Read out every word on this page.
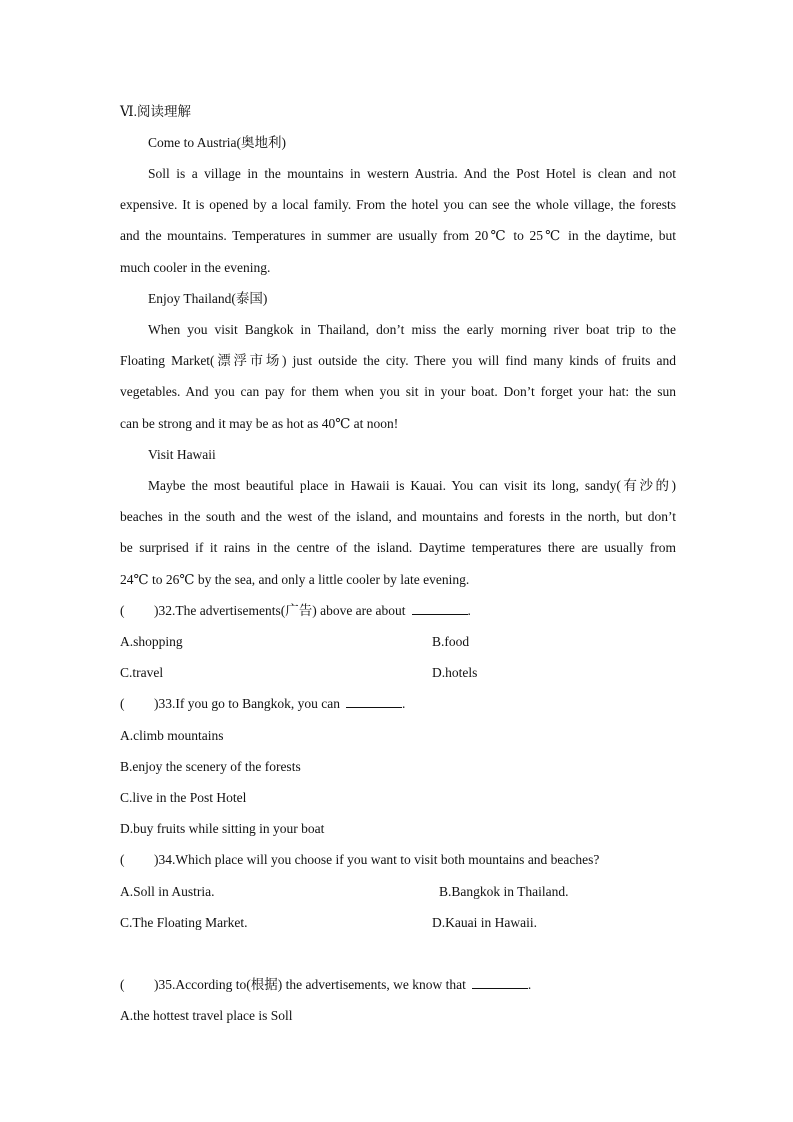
Ⅵ.阅读理解
Come to Austria(奥地利)
Soll is a village in the mountains in western Austria. And the Post Hotel is clean and not
expensive. It is opened by a local family. From the hotel you can see the whole village, the forests
and the mountains. Temperatures in summer are usually from 20℃ to 25℃ in the daytime, but
much cooler in the evening.
Enjoy Thailand(泰国)
When you visit Bangkok in Thailand, don’t miss the early morning river boat trip to the
Floating Market(漂浮市场) just outside the city. There you will find many kinds of fruits and
vegetables. And you can pay for them when you sit in your boat. Don’t forget your hat: the sun
can be strong and it may be as hot as 40℃ at noon!
Visit Hawaii
Maybe the most beautiful place in Hawaii is Kauai. You can visit its long, sandy(有沙的)
beaches in the south and the west of the island, and mountains and forests in the north, but don’t
be surprised if it rains in the centre of the island. Daytime temperatures there are usually from
24℃ to 26℃ by the sea, and only a little cooler by late evening.
( )32.The advertisements(广告) above are about	.
A.shopping	B.food
C.travel	D.hotels
( )33.If you go to Bangkok, you can	.
A.climb mountains
B.enjoy the scenery of the forests
C.live in the Post Hotel
D.buy fruits while sitting in your boat
( )34.Which place will you choose if you want to visit both mountains and beaches?
A.Soll in Austria.	B.Bangkok in Thailand.
C.The Floating Market.	D.Kauai in Hawaii.
( )35.According to(根据) the advertisements, we know that	.
A.the hottest travel place is Soll
